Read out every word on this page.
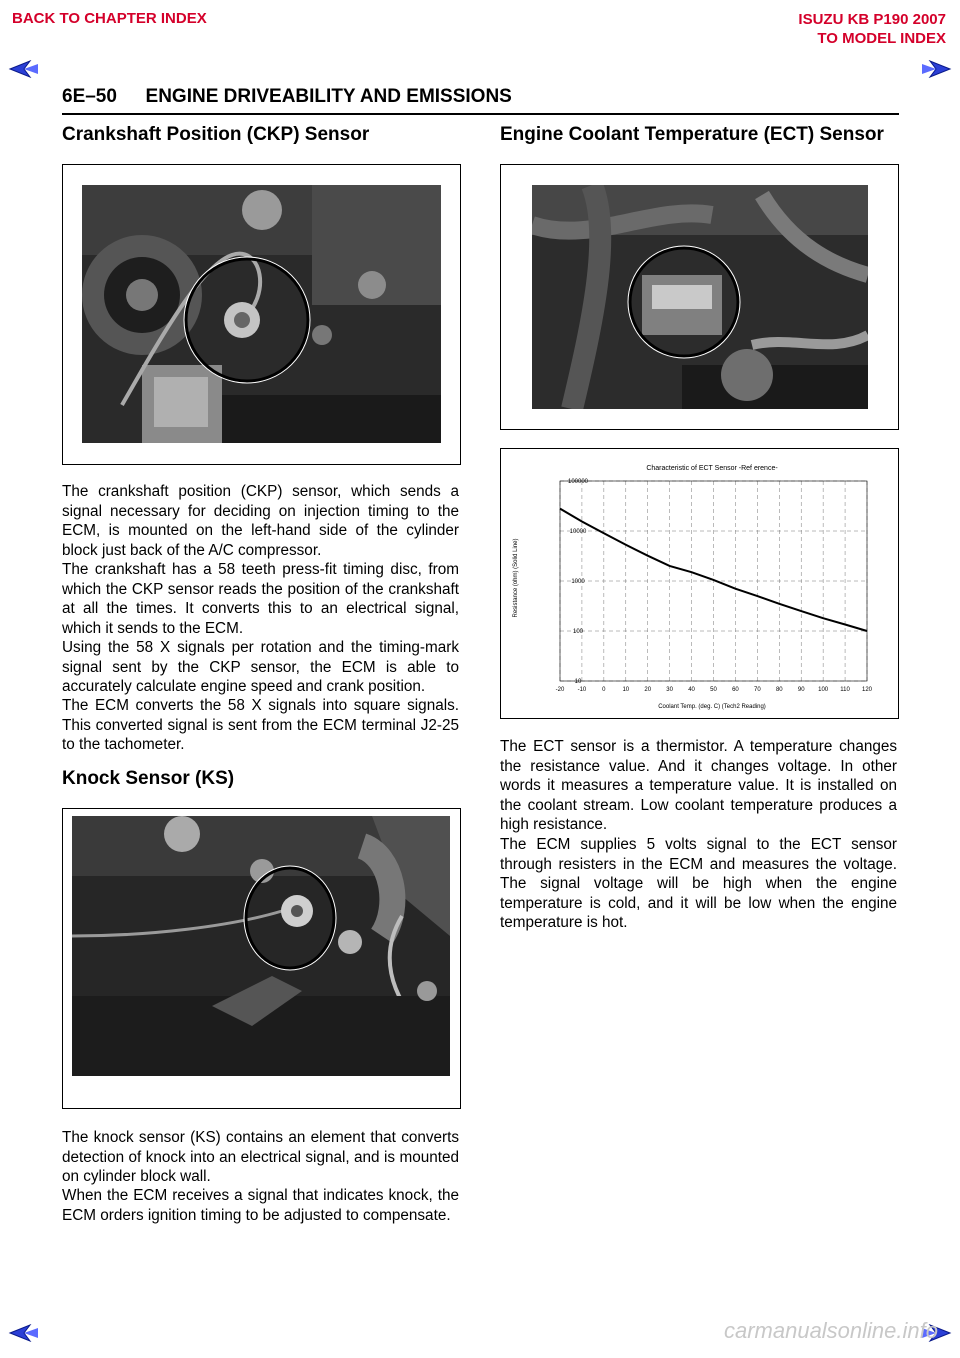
BACK TO CHAPTER INDEX	ISUZU KB P190 2007
TO MODEL INDEX
6E–50 ENGINE DRIVEABILITY AND EMISSIONS
Crankshaft Position (CKP) Sensor

The crankshaft position (CKP) sensor, which sends a signal necessary for deciding on injection timing to the ECM, is mounted on the left-hand side of the cylinder block just back of the A/C compressor.

The crankshaft has a 58 teeth press-fit timing disc, from which the CKP sensor reads the position of the crankshaft at all the times. It converts this to an electrical signal, which it sends to the ECM.

Using the 58 X signals per rotation and the timing-mark signal sent by the CKP sensor, the ECM is able to accurately calculate engine speed and crank position.

The ECM converts the 58 X signals into square signals. This converted signal is sent from the ECM terminal J2-25 to the tachometer.

Knock Sensor (KS)

The knock sensor (KS) contains an element that converts detection of knock into an electrical signal, and is mounted on cylinder block wall.

When the ECM receives a signal that indicates knock, the ECM orders ignition timing to be adjusted to compensate.

Engine Coolant Temperature (ECT) Sensor
10
100
1000
10000
100000
-20 -10	0	10	20	30	40	50	60	70	80	90 100 110 120
Characteristic of ECT Sensor -Ref erence-
Coolant Temp. (deg. C) (Tech2 Reading)
Resistance (ohm) (Solid Line)

The ECT sensor is a thermistor. A temperature changes the resistance value. And it changes voltage. In other words it measures a temperature value. It is installed on the coolant stream. Low coolant temperature produces a high resistance.

The ECM supplies 5 volts signal to the ECT sensor through resisters in the ECM and measures the voltage. The signal voltage will be high when the engine temperature is cold, and it will be low when the engine temperature is hot.

carmanualsonline.info
